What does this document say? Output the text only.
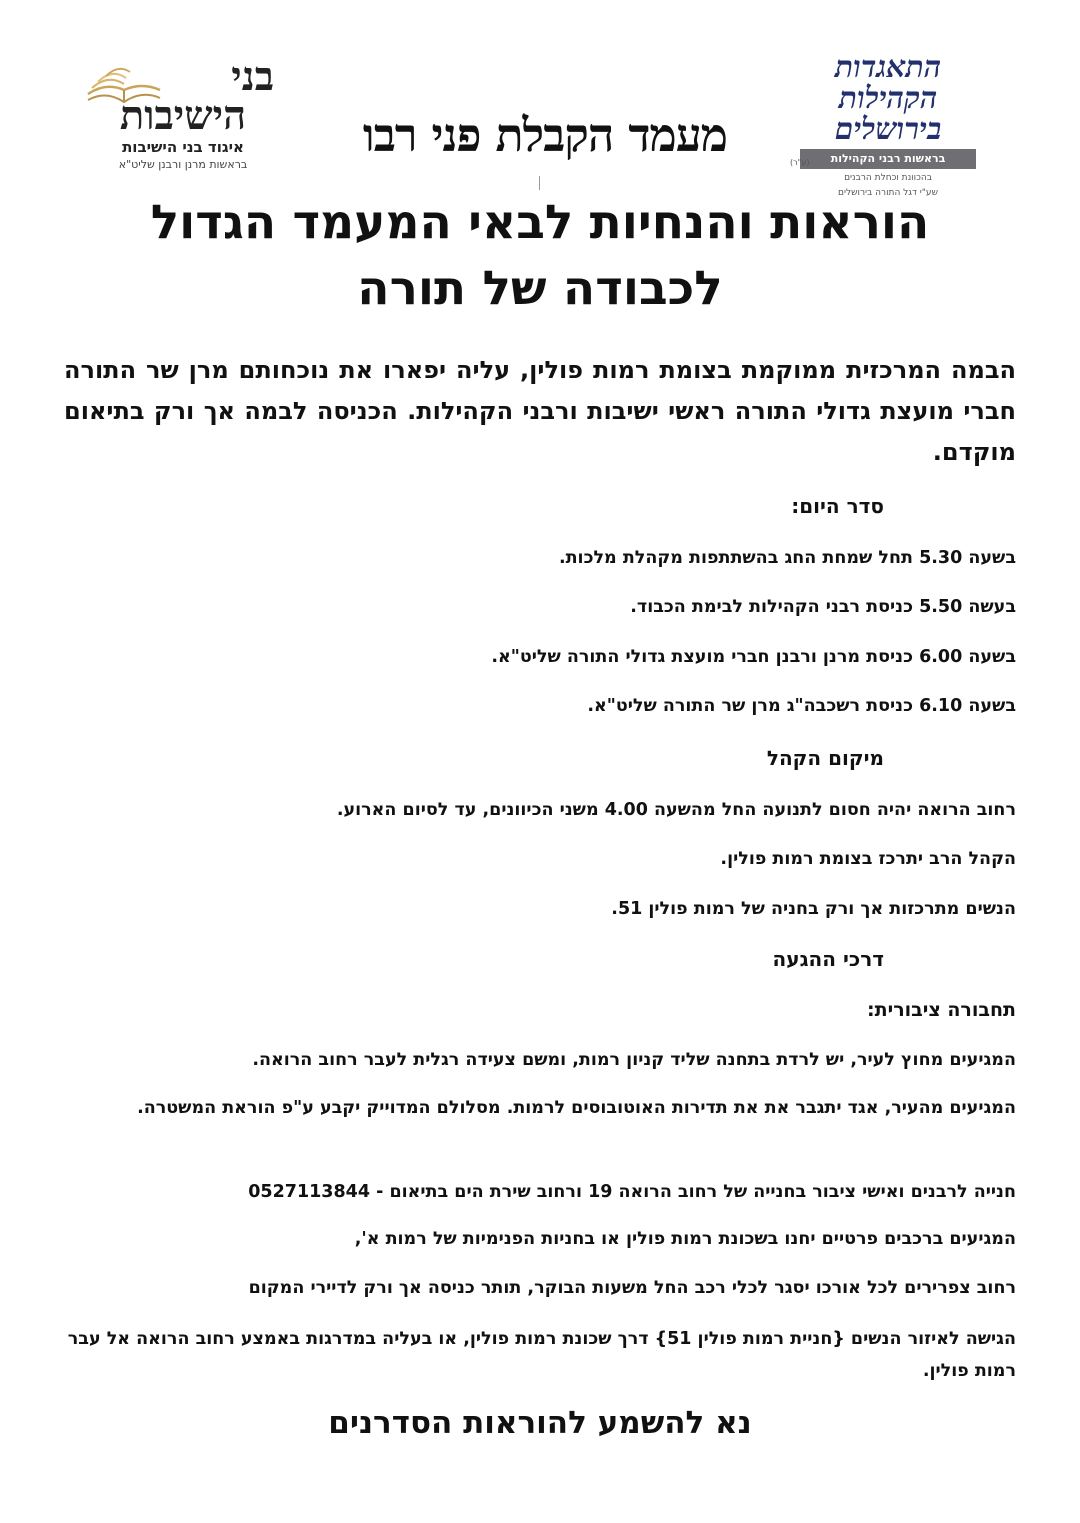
התאגדות
הקהילות
בירושלים
(ע"ר)	בראשות רבני הקהילות
בהכוונת וכחלת הרבנים
שע"י דגל התורה בירושלים
מעמד הקבלת פני רבו
בני
הישיבות
איגוד בני הישיבות
בראשות מרנן ורבנן שליט"א
הוראות והנחיות לבאי המעמד הגדול
לכבודה של תורה
הבמה המרכזית ממוקמת בצומת רמות פולין, עליה יפארו את נוכחותם מרן שר התורה חברי מועצת גדולי התורה ראשי ישיבות ורבני הקהילות. הכניסה לבמה אך ורק בתיאום מוקדם.
סדר היום:
בשעה 5.30 תחל שמחת החג בהשתתפות מקהלת מלכות.
בעשה 5.50 כניסת רבני הקהילות לבימת הכבוד.
בשעה 6.00 כניסת מרנן ורבנן חברי מועצת גדולי התורה שליט"א.
בשעה 6.10 כניסת רשכבה"ג מרן שר התורה שליט"א.
מיקום הקהל
רחוב הרואה יהיה חסום לתנועה החל מהשעה 4.00 משני הכיוונים, עד לסיום הארוע.
הקהל הרב יתרכז בצומת רמות פולין.
הנשים מתרכזות אך ורק בחניה של רמות פולין 51.
דרכי ההגעה
תחבורה ציבורית:
המגיעים מחוץ לעיר, יש לרדת בתחנה שליד קניון רמות, ומשם צעידה רגלית לעבר רחוב הרואה.
המגיעים מהעיר, אגד יתגבר את את תדירות האוטובוסים לרמות. מסלולם המדוייק יקבע ע"פ הוראת המשטרה.
חנייה לרבנים ואישי ציבור בחנייה של רחוב הרואה 19 ורחוב שירת הים בתיאום - 0527113844
המגיעים ברכבים פרטיים יחנו בשכונת רמות פולין או בחניות הפנימיות של רמות א',
רחוב צפרירים לכל אורכו יסגר לכלי רכב החל משעות הבוקר, תותר כניסה אך ורק לדיירי המקום
הגישה לאיזור הנשים {חניית רמות פולין 51} דרך שכונת רמות פולין, או בעליה במדרגות באמצע רחוב הרואה אל עבר רמות פולין.
נא להשמע להוראות הסדרנים
